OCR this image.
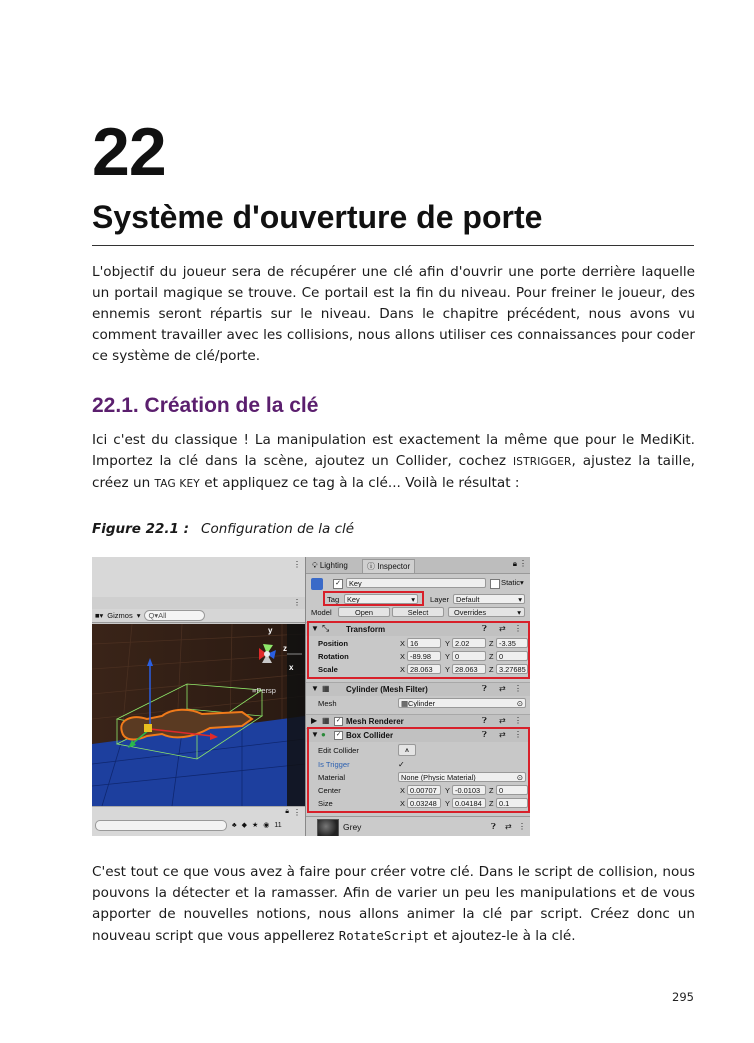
22
Système d'ouverture de porte

L'objectif du joueur sera de récupérer une clé afin d'ouvrir une porte derrière laquelle un portail magique se trouve. Ce portail est la fin du niveau. Pour freiner le joueur, des ennemis seront répartis sur le niveau. Dans le chapitre précédent, nous avons vu comment travailler avec les collisions, nous allons utiliser ces connaissances pour coder ce système de clé/porte.

22.1. Création de la clé

Ici c'est du classique ! La manipulation est exactement la même que pour le MediKit. Importez la clé dans la scène, ajoutez un Collider, cochez ISTRIGGER, ajustez la taille, créez un TAG KEY et appliquez ce tag à la clé... Voilà le résultat :

Figure 22.1 : Configuration de la clé
⋮
⋮
■▾ Gizmos ▾	Q▾All
y
z
x
≡Persp
🔒︎ ⋮
♣ ◆ ★ ◉ 11
💡︎ Lighting	ⓘ Inspector	🔒︎ ⋮
✓	Key	Static▾
Tag	Key	▾ Layer Default	▾
Model	Open	Select	Overrides	▾
▼ ⤡ Transform	❓︎ ⇄ ⋮
Position	X 16	Y 2.02	Z -3.35
Rotation	X -89.98	Y 0	Z 0
Scale	X 28.063	Y 28.063	Z 3.27685
▼ ▦ Cylinder (Mesh Filter)	❓︎ ⇄ ⋮
Mesh	▦Cylinder	⊙
▶ ▦	✓ Mesh Renderer	❓︎ ⇄ ⋮
▼ ●	✓ Box Collider	❓︎ ⇄ ⋮
Edit Collider	⩚
Is Trigger	✓
Material	None (Physic Material)	⊙
Center	X 0.00707	Y -0.0103	Z 0
Size	X 0.03248	Y 0.04184 Z 0.1
Grey	❓︎ ⇄ ⋮

C'est tout ce que vous avez à faire pour créer votre clé. Dans le script de collision, nous pouvons la détecter et la ramasser. Afin de varier un peu les manipulations et de vous apporter de nouvelles notions, nous allons animer la clé par script. Créez donc un nouveau script que vous appellerez RotateScript et ajoutez-le à la clé.

295
